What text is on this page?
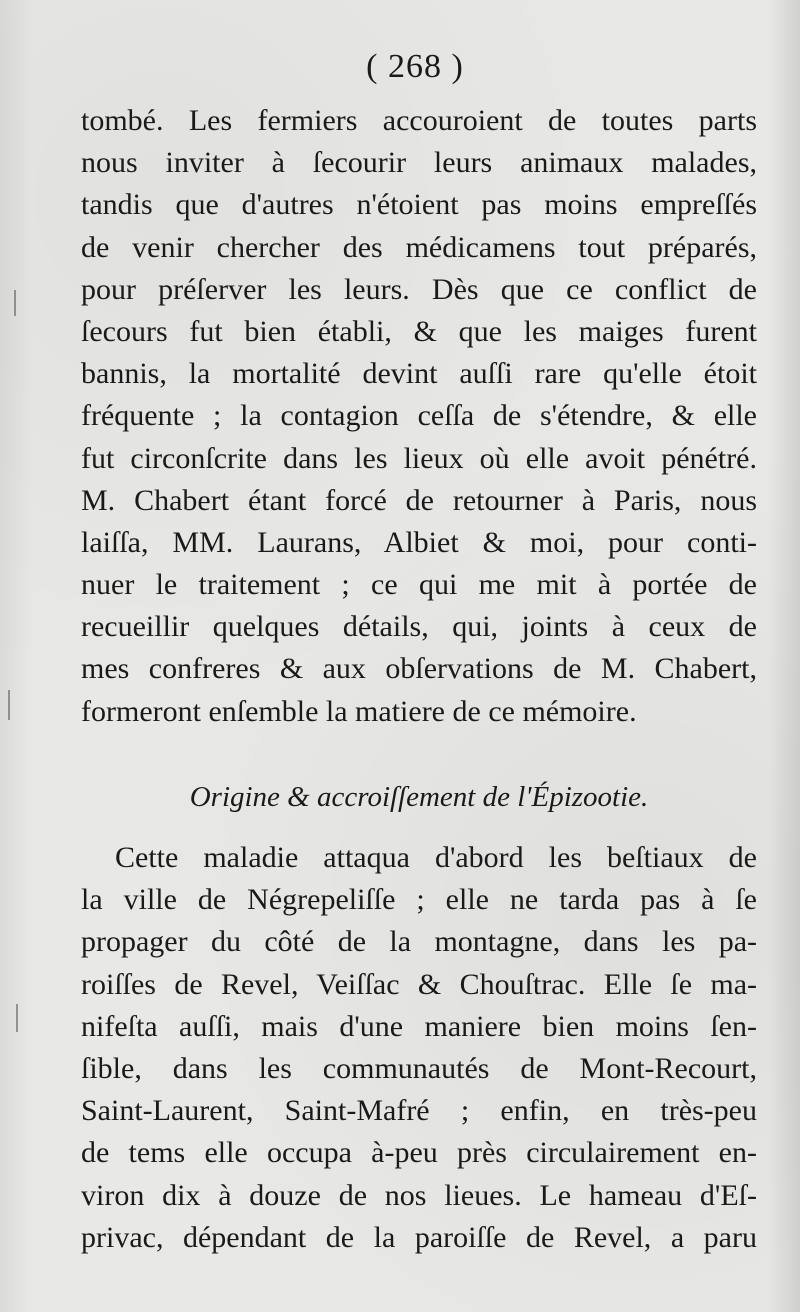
( 268 )
tombé. Les fermiers accouroient de toutes parts
nous inviter à ſecourir leurs animaux malades,
tandis que d'autres n'étoient pas moins empreſſés
de venir chercher des médicamens tout préparés,
pour préſerver les leurs. Dès que ce conflict de
ſecours fut bien établi, & que les maiges furent
bannis, la mortalité devint auſſi rare qu'elle étoit
fréquente ; la contagion ceſſa de s'étendre, & elle
fut circonſcrite dans les lieux où elle avoit pénétré.
M. Chabert étant forcé de retourner à Paris, nous
laiſſa, MM. Laurans, Albiet & moi, pour conti-
nuer le traitement ; ce qui me mit à portée de
recueillir quelques détails, qui, joints à ceux de
mes confreres & aux obſervations de M. Chabert,
formeront enſemble la matiere de ce mémoire.
Origine & accroiſſement de l'Épizootie.
Cette maladie attaqua d'abord les beſtiaux de
la ville de Négrepeliſſe ; elle ne tarda pas à ſe
propager du côté de la montagne, dans les pa-
roiſſes de Revel, Veiſſac & Chouſtrac. Elle ſe ma-
nifeſta auſſi, mais d'une maniere bien moins ſen-
ſible, dans les communautés de Mont-Recourt,
Saint-Laurent, Saint-Mafré ; enfin, en très-peu
de tems elle occupa à-peu près circulairement en-
viron dix à douze de nos lieues. Le hameau d'Eſ-
privac, dépendant de la paroiſſe de Revel, a paru
